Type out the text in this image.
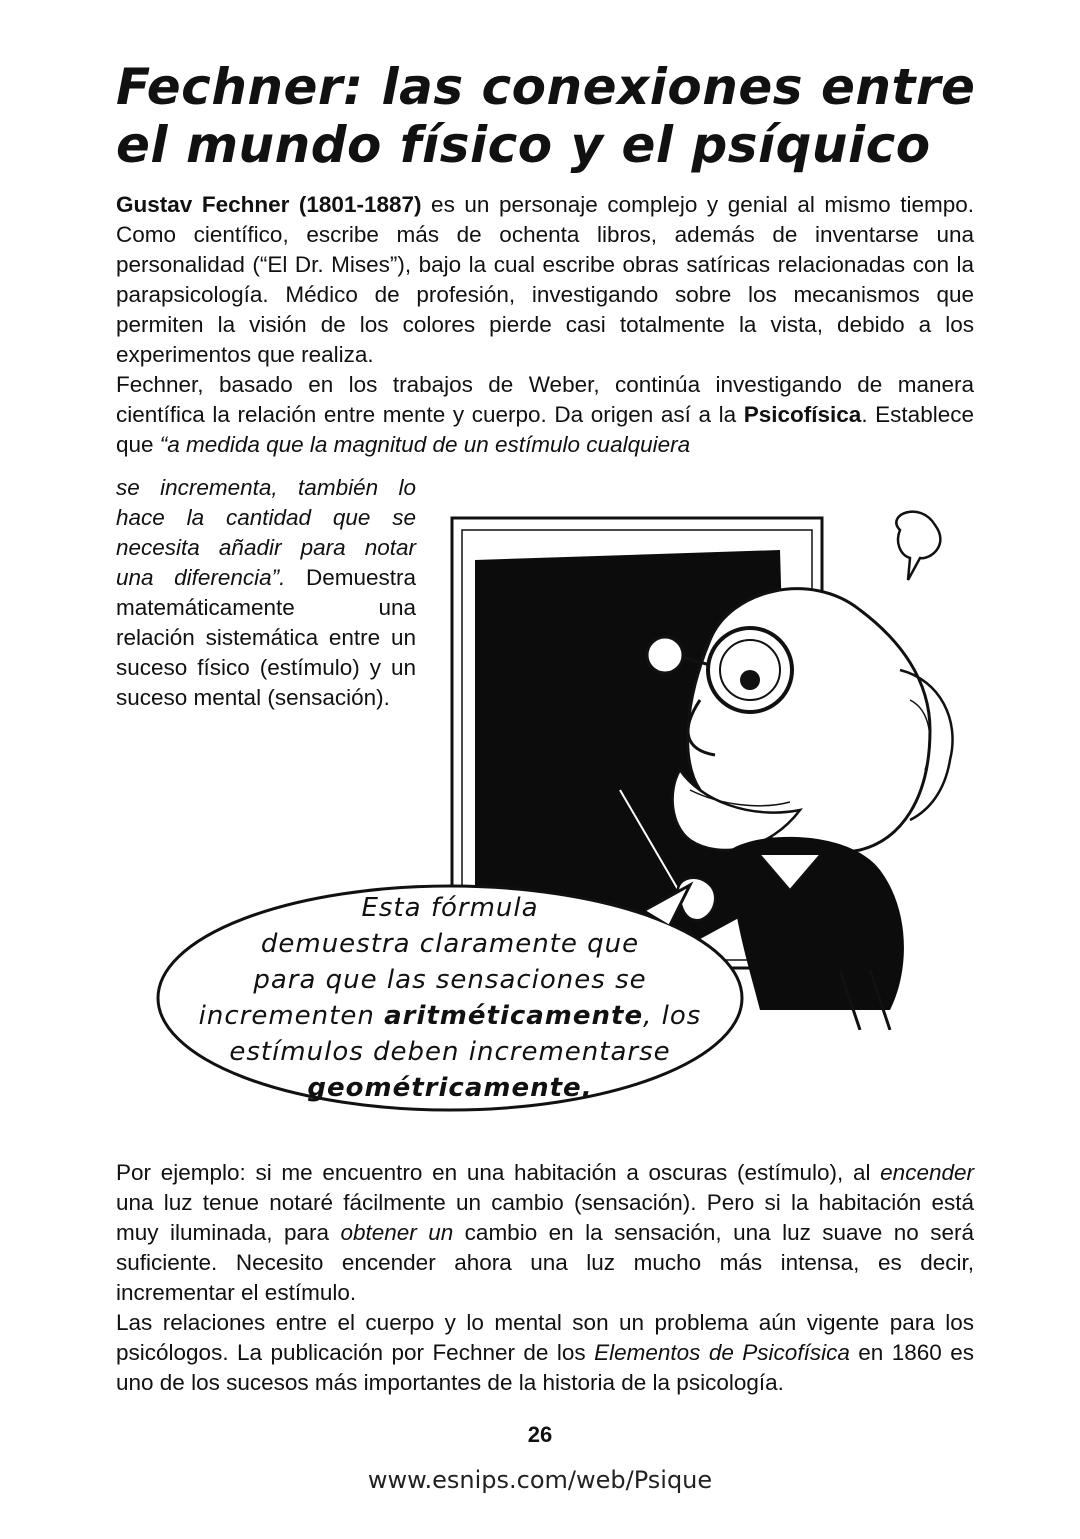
Fechner: las conexiones entre
el mundo físico y el psíquico

Gustav Fechner (1801-1887) es un personaje complejo y genial al mismo tiempo. Como científico, escribe más de ochenta libros, además de inventarse una personalidad (“El Dr. Mises”), bajo la cual escribe obras satíricas relacionadas con la parapsicología. Médico de profesión, investigando sobre los mecanismos que permiten la visión de los colores pierde casi totalmente la vista, debido a los experimentos que realiza.
Fechner, basado en los trabajos de Weber, continúa investigando de manera científica la relación entre mente y cuerpo. Da origen así a la Psicofísica. Establece que “a medida que la magnitud de un estímulo cualquiera

se incrementa, también lo hace la cantidad que se necesita añadir para notar una diferencia”. Demuestra matemáticamente una relación sistemática entre un suceso físico (estímulo) y un suceso mental (sensación).

Esta fórmula
demuestra claramente que
para que las sensaciones se
incrementen aritméticamente, los
estímulos deben incrementarse
geométricamente.

Por ejemplo: si me encuentro en una habitación a oscuras (estímulo), al encender una luz tenue notaré fácilmente un cambio (sensación). Pero si la habitación está muy iluminada, para obtener un cambio en la sensación, una luz suave no será suficiente. Necesito encender ahora una luz mucho más intensa, es decir, incrementar el estímulo.
Las relaciones entre el cuerpo y lo mental son un problema aún vigente para los psicólogos. La publicación por Fechner de los Elementos de Psicofísica en 1860 es uno de los sucesos más importantes de la historia de la psicología.

26

www.esnips.com/web/Psique
